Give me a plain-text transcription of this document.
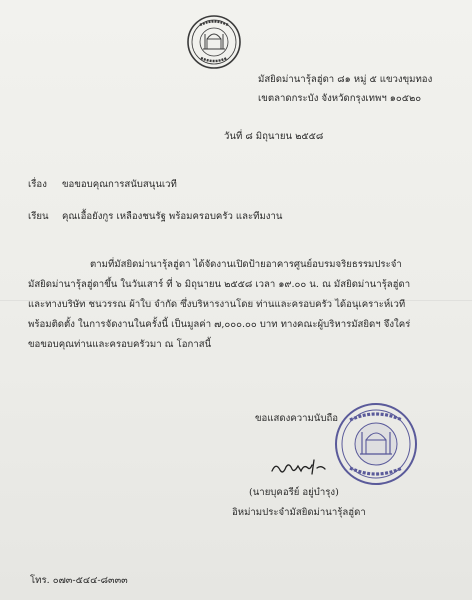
มัสยิดม่านารุ้ลฮู่ดา ๘๑ หมู่ ๕ แขวงขุมทอง
เขตลาดกระบัง จังหวัดกรุงเทพฯ ๑๐๕๒๐
วันที่ ๘ มิถุนายน ๒๕๕๘
เรื่อง ขอขอบคุณการสนับสนุนเวที
เรียน คุณเอื้อยังกูร เหลืองชนรัฐ พร้อมครอบครัว และทีมงาน
ตามที่มัสยิดม่านารุ้ลฮู่ดา ได้จัดงานเปิดป้ายอาคารศูนย์อบรมจริยธรรมประจำ
มัสยิดม่านารุ้ลฮู่ดาขึ้น ในวันเสาร์ ที่ ๖ มิถุนายน ๒๕๕๘ เวลา ๑๙.๐๐ น. ณ มัสยิดม่านารุ้ลฮู่ดา
และทางบริษัท ชนวรรณ ผ้าใบ จำกัด ซึ่งบริหารงานโดย ท่านและครอบครัว ได้อนุเคราะห์เวที
พร้อมติดตั้ง ในการจัดงานในครั้งนี้ เป็นมูลค่า ๗,๐๐๐.๐๐ บาท ทางคณะผู้บริหารมัสยิดฯ จึงใคร่
ขอขอบคุณท่านและครอบครัวมา ณ โอกาสนี้
ขอแสดงความนับถือ
(นายบุคอรีย์ อยู่บำรุง)
อิหม่ามประจำมัสยิดม่านารุ้ลฮู่ดา
โทร. ๐๗๓-๕๔๔-๘๓๓๓
